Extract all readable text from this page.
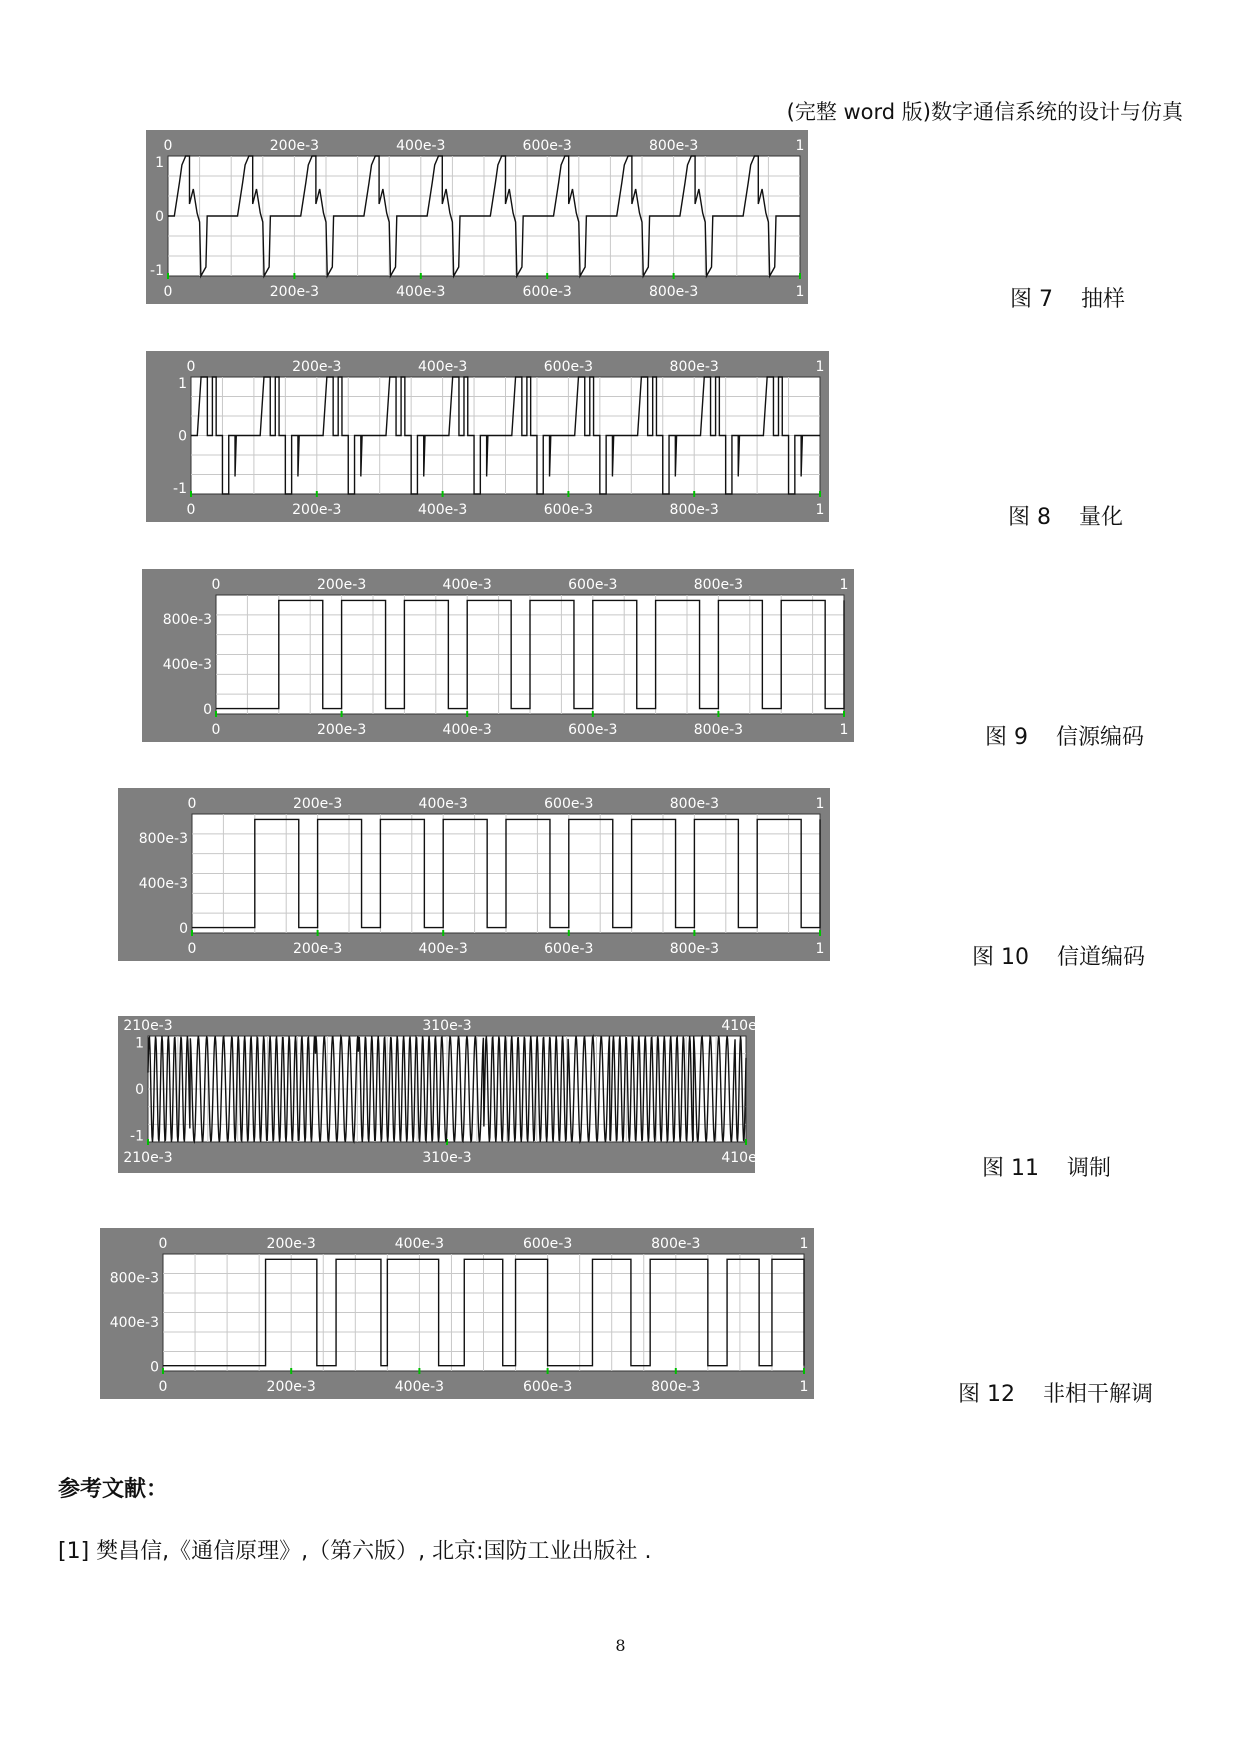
(完整 word 版)数字通信系统的设计与仿真
0
0
200e-3
200e-3
400e-3
400e-3
600e-3
600e-3
800e-3
800e-3
1
1
1
0
-1
图 7    抽样
0
0
200e-3
200e-3
400e-3
400e-3
600e-3
600e-3
800e-3
800e-3
1
1
1
0
-1
图 8    量化
0
0
200e-3
200e-3
400e-3
400e-3
600e-3
600e-3
800e-3
800e-3
1
1
800e-3
400e-3
0
图 9    信源编码
0
0
200e-3
200e-3
400e-3
400e-3
600e-3
600e-3
800e-3
800e-3
1
1
800e-3
400e-3
0
图 10    信道编码
210e-3
210e-3
310e-3
310e-3
410e-3
410e-3
1
0
-1
图 11    调制
0
0
200e-3
200e-3
400e-3
400e-3
600e-3
600e-3
800e-3
800e-3
1
1
800e-3
400e-3
0
图 12    非相干解调
参考文献：
[1] 樊昌信,《通信原理》,（第六版）, 北京:国防工业出版社 .
8
